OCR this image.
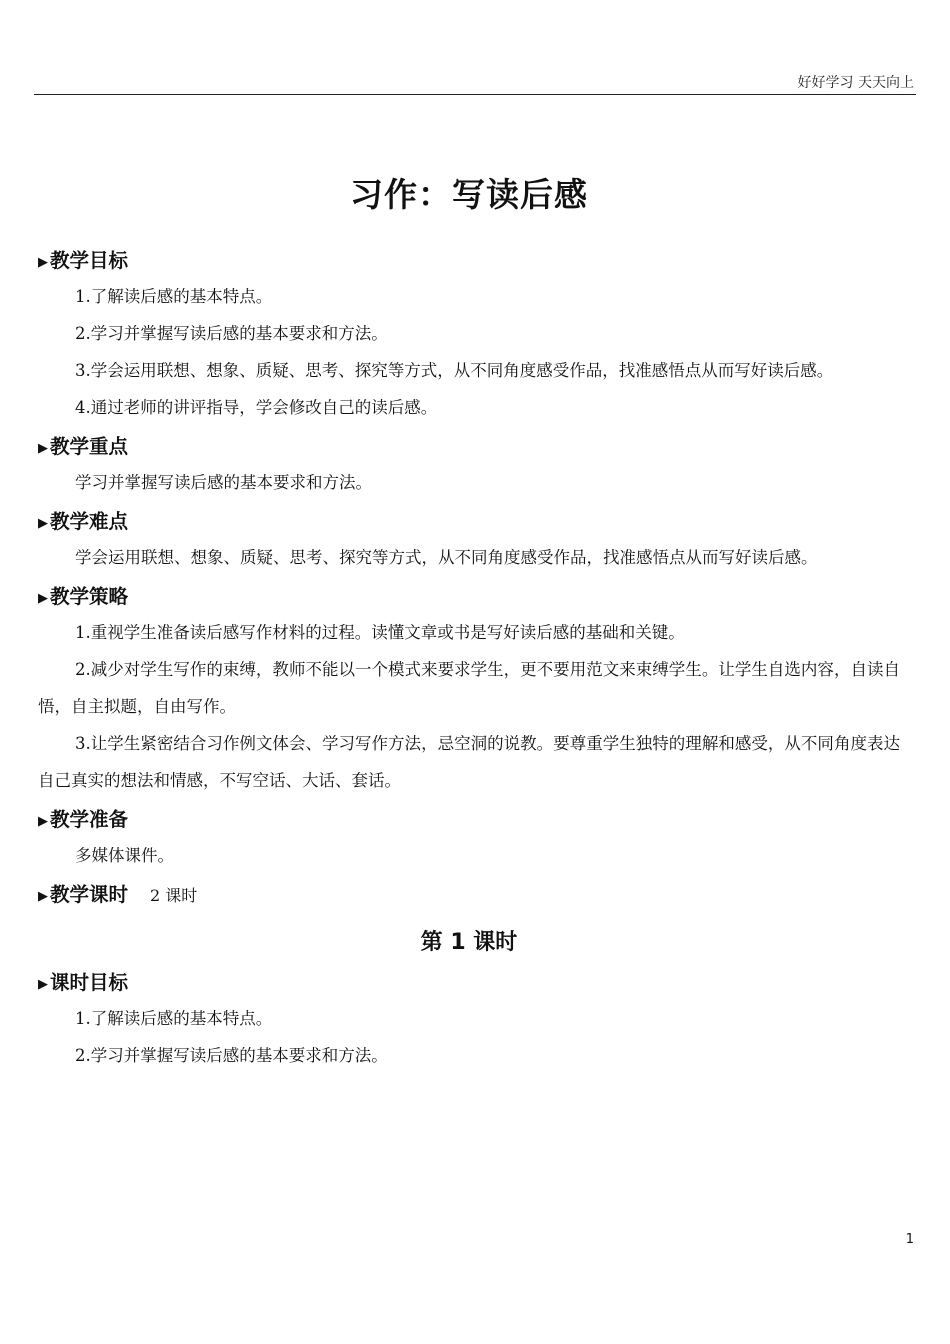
好好学习 天天向上
习作：写读后感
▶ 教学目标

1.了解读后感的基本特点。

2.学习并掌握写读后感的基本要求和方法。

3.学会运用联想、想象、质疑、思考、探究等方式，从不同角度感受作品，找准感悟点从而写好读后感。

4.通过老师的讲评指导，学会修改自己的读后感。

▶ 教学重点

学习并掌握写读后感的基本要求和方法。

▶ 教学难点

学会运用联想、想象、质疑、思考、探究等方式，从不同角度感受作品，找准感悟点从而写好读后感。

▶ 教学策略

1.重视学生准备读后感写作材料的过程。读懂文章或书是写好读后感的基础和关键。

2.减少对学生写作的束缚，教师不能以一个模式来要求学生，更不要用范文来束缚学生。让学生自选内容，自读自悟，自主拟题，自由写作。

3.让学生紧密结合习作例文体会、学习写作方法，忌空洞的说教。要尊重学生独特的理解和感受，从不同角度表达自己真实的想法和情感，不写空话、大话、套话。

▶ 教学准备

多媒体课件。

▶ 教学课时 2 课时
第 1 课时
▶ 课时目标

1.了解读后感的基本特点。

2.学习并掌握写读后感的基本要求和方法。

1
